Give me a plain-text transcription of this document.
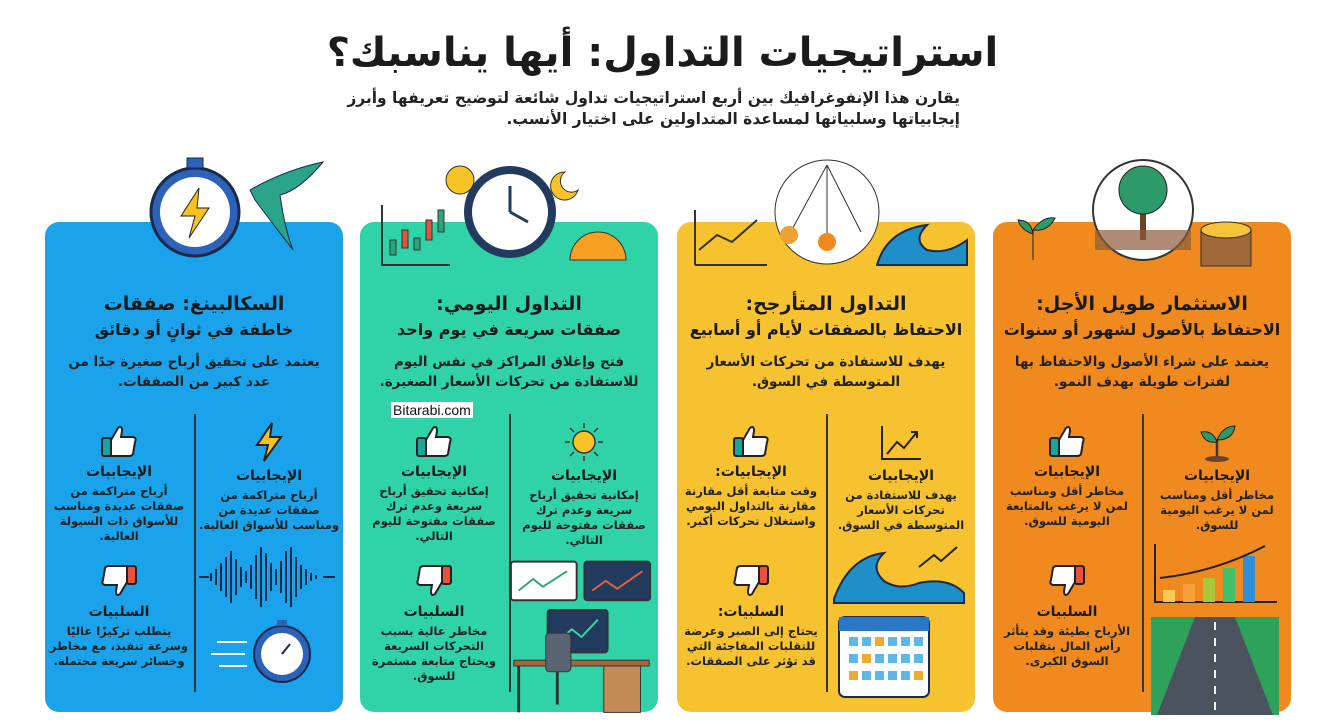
استراتيجيات التداول: أيها يناسبك؟
يقارن هذا الإنفوغرافيك بين أربع استراتيجيات تداول شائعة لتوضيح تعريفها وأبرز إيجابياتها وسلبياتها لمساعدة المتداولين على اختيار الأنسب.
السكالبينغ: صفقات
خاطفة في ثوانٍ أو دقائق
يعتمد على تحقيق أرباح صغيرة جدًا من عدد كبير من الصفقات.
الإيجابيات
أرباح متراكمة من صفقات عديدة من ومناسب للأسواق العالية.
الإيجابيات
أرباح متراكمة من صفقات عديدة ومناسب للأسواق ذات السيولة العالية.
السلبيات
يتطلب تركيزًا عاليًا وسرعة تنفيذ، مع مخاطر وخسائر سريعة محتملة.
التداول اليومي:
صفقات سريعة في يوم واحد
فتح وإغلاق المراكز في نفس اليوم للاستفادة من تحركات الأسعار الصغيرة.
الإيجابيات
إمكانية تحقيق أرباح سريعة وعدم ترك صفقات مفتوحة لليوم التالي.
الإيجابيات
إمكانية تحقيق أرباح سريعة وعدم ترك صفقات مفتوحة لليوم التالي.
السلبيات
مخاطر عالية بسبب التحركات السريعة ويحتاج متابعة مستمرة للسوق.
التداول المتأرجح:
الاحتفاظ بالصفقات لأيام أو أسابيع
يهدف للاستفادة من تحركات الأسعار المتوسطة في السوق.
الإيجابيات
يهدف للاستفادة من تحركات الأسعار المتوسطة في السوق.
الإيجابيات:
وقت متابعة أقل مقارنة مقارنة بالتداول اليومي واستغلال تحركات أكبر.
السلبيات:
يحتاج إلى الصبر وعرضة للتقلبات المفاجئة التي قد تؤثر على الصفقات.
الاستثمار طويل الأجل:
الاحتفاظ بالأصول لشهور أو سنوات
يعتمد على شراء الأصول والاحتفاظ بها لفترات طويلة بهدف النمو.
الإيجابيات
مخاطر أقل ومناسب لمن لا يرغب اليومية للسوق.
الإيجابيات
مخاطر أقل ومناسب لمن لا يرغب بالمتابعة اليومية للسوق.
السلبيات
الأرباح بطيئة وقد يتأثر رأس المال بتقلبات السوق الكبرى.
Bitarabi.com
